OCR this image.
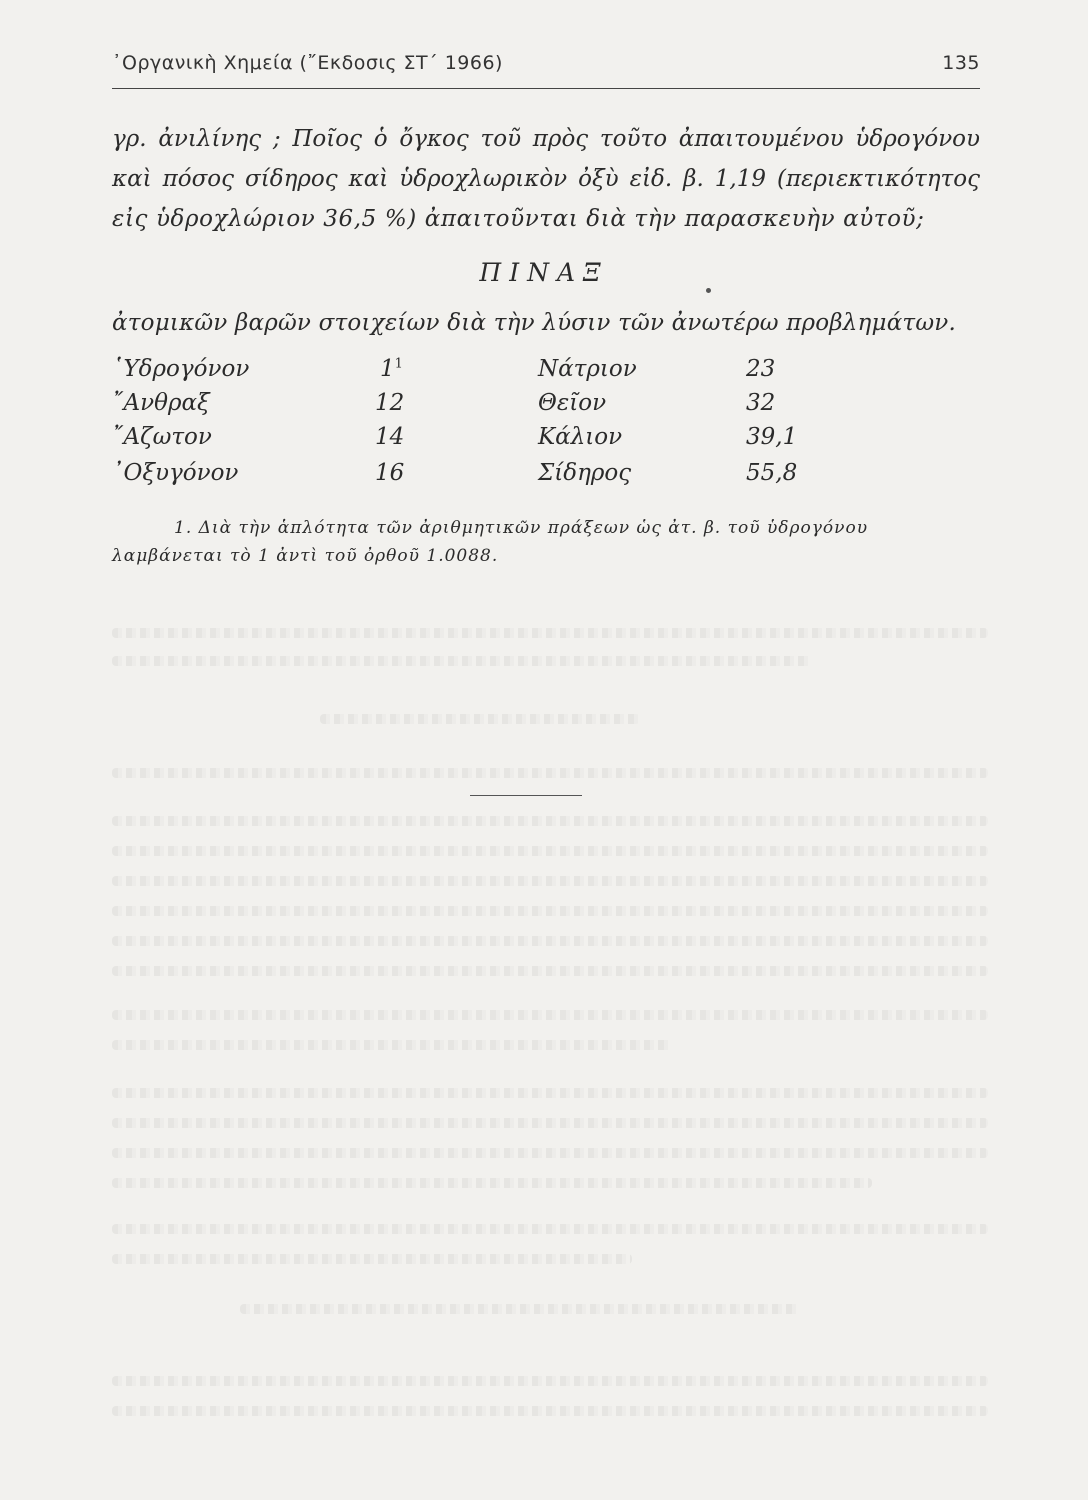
᾿Οργανικὴ Χημεία (῎Εκδοσις ΣΤ΄ 1966)	135
γρ. ἀνιλίνης ; Ποῖος ὁ ὄγκος τοῦ πρὸς τοῦτο ἀπαιτουμένου ὑδρογόνου
καὶ πόσος σίδηρος καὶ ὑδροχλωρικὸν ὀξὺ εἰδ. β. 1,19 (περιεκτικότητος
εἰς ὑδροχλώριον 36,5 %) ἀπαιτοῦνται διὰ τὴν παρασκευὴν αὐτοῦ;
ΠΙΝΑΞ
ἀτομικῶν βαρῶν στοιχείων διὰ τὴν λύσιν τῶν ἀνωτέρω προβλημάτων.
῾Υδρογόνον	$1^1$	Νάτριον	23
῎Ανθραξ	12	Θεῖον	32
῎Αζωτον	14	Κάλιον	39,1
᾿Οξυγόνον	16	Σίδηρος	55,8
1. Διὰ τὴν ἁπλότητα τῶν ἀριθμητικῶν πράξεων ὡς ἀτ. β. τοῦ ὑδρογόνου
λαμβάνεται τὸ 1 ἀντὶ τοῦ ὀρθοῦ 1.0088.
